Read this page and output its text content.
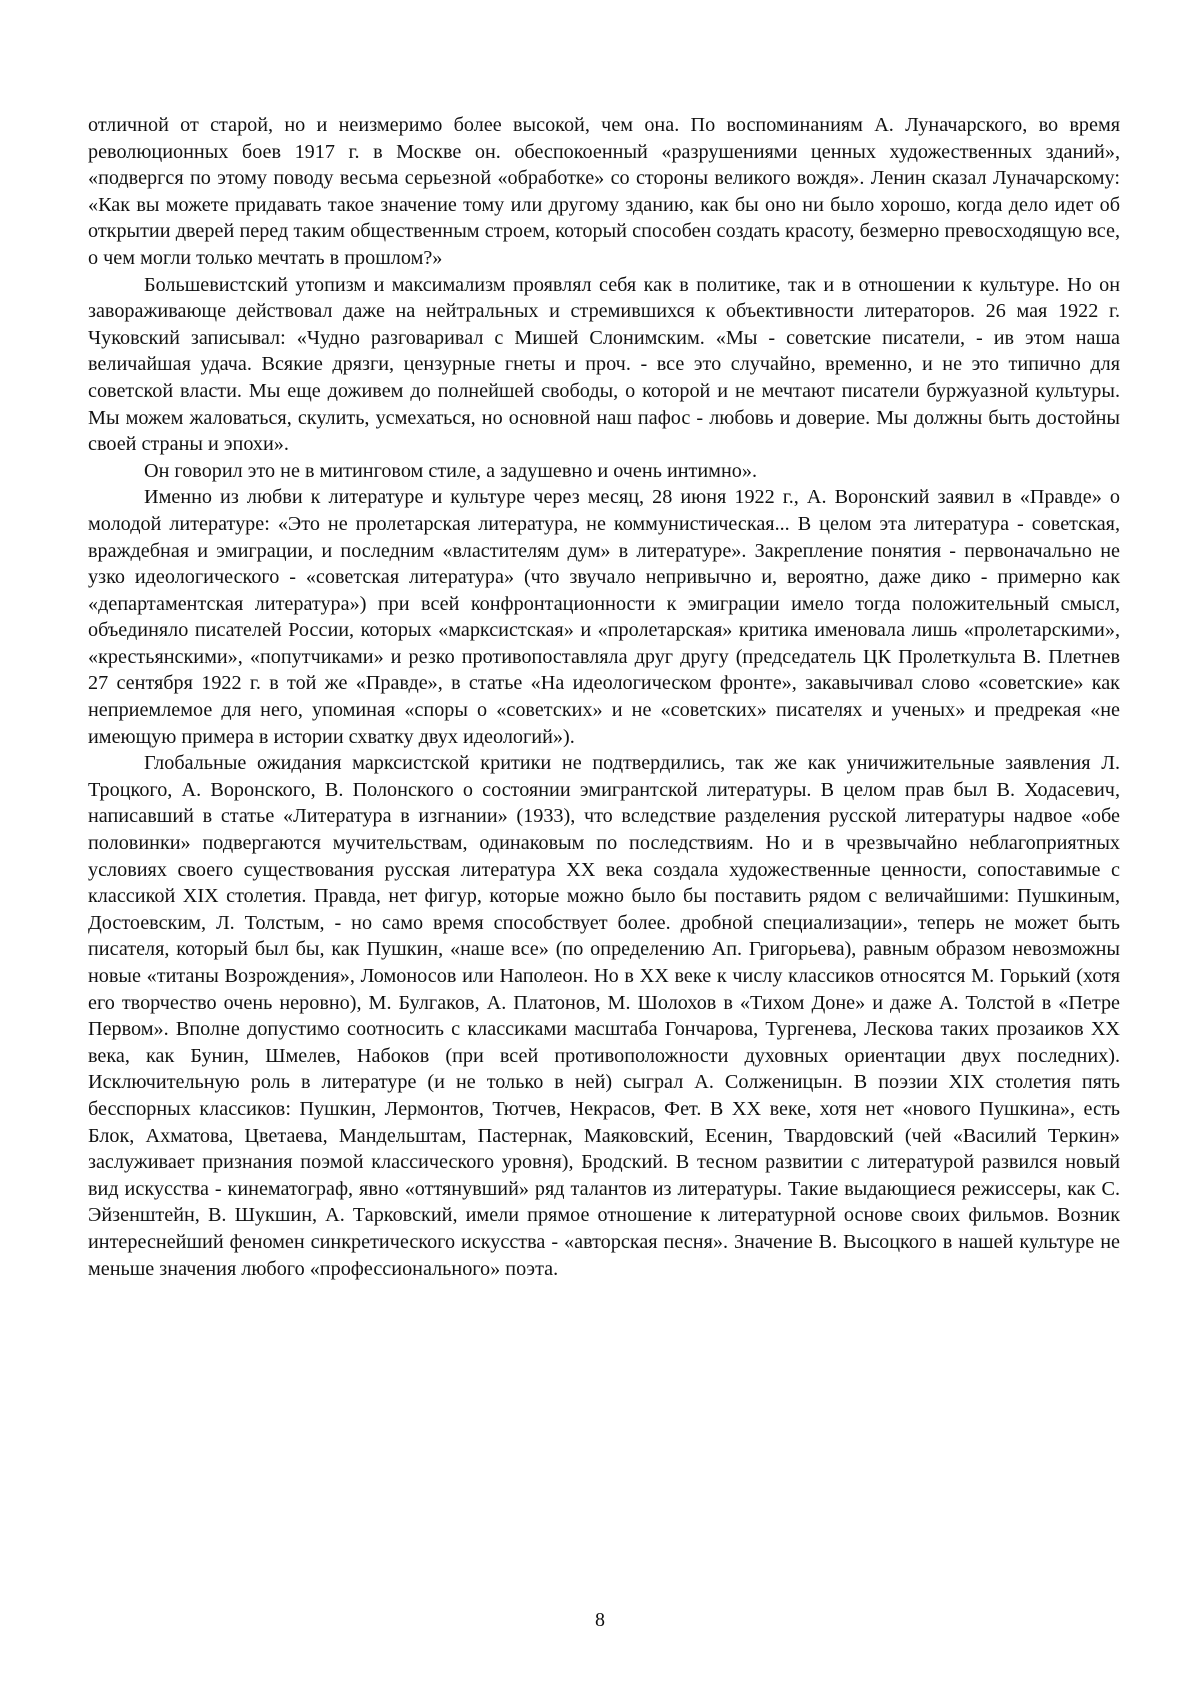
отличной от старой, но и неизмеримо более высокой, чем она. По воспоминаниям А. Луначарского, во время революционных боев 1917 г. в Москве он. обеспокоенный «разрушениями ценных художественных зданий», «подвергся по этому поводу весьма серьезной «обработке» со стороны великого вождя». Ленин сказал Луначарскому: «Как вы можете придавать такое значение тому или другому зданию, как бы оно ни было хорошо, когда дело идет об открытии дверей перед таким общественным строем, который способен создать красоту, безмерно превосходящую все, о чем могли только мечтать в прошлом?»

Большевистский утопизм и максимализм проявлял себя как в политике, так и в отношении к культуре. Но он завораживающе действовал даже на нейтральных и стремившихся к объективности литераторов. 26 мая 1922 г. Чуковский записывал: «Чудно разговаривал с Мишей Слонимским. «Мы - советские писатели, - ив этом наша величайшая удача. Всякие дрязги, цензурные гнеты и проч. - все это случайно, временно, и не это типично для советской власти. Мы еще доживем до полнейшей свободы, о которой и не мечтают писатели буржуазной культуры. Мы можем жаловаться, скулить, усмехаться, но основной наш пафос - любовь и доверие. Мы должны быть достойны своей страны и эпохи».

Он говорил это не в митинговом стиле, а задушевно и очень интимно».

Именно из любви к литературе и культуре через месяц, 28 июня 1922 г., А. Воронский заявил в «Правде» о молодой литературе: «Это не пролетарская литература, не коммунистическая... В целом эта литература - советская, враждебная и эмиграции, и последним «властителям дум» в литературе». Закрепление понятия - первоначально не узко идеологического - «советская литература» (что звучало непривычно и, вероятно, даже дико - примерно как «департаментская литература») при всей конфронтационности к эмиграции имело тогда положительный смысл, объединяло писателей России, которых «марксистская» и «пролетарская» критика именовала лишь «пролетарскими», «крестьянскими», «попутчиками» и резко противопоставляла друг другу (председатель ЦК Пролеткульта В. Плетнев 27 сентября 1922 г. в той же «Правде», в статье «На идеологическом фронте», закавычивал слово «советские» как неприемлемое для него, упоминая «споры о «советских» и не «советских» писателях и ученых» и предрекая «не имеющую примера в истории схватку двух идеологий»).

Глобальные ожидания марксистской критики не подтвердились, так же как уничижительные заявления Л. Троцкого, А. Воронского, В. Полонского о состоянии эмигрантской литературы. В целом прав был В. Ходасевич, написавший в статье «Литература в изгнании» (1933), что вследствие разделения русской литературы надвое «обе половинки» подвергаются мучительствам, одинаковым по последствиям. Но и в чрезвычайно неблагоприятных условиях своего существования русская литература XX века создала художественные ценности, сопоставимые с классикой XIX столетия. Правда, нет фигур, которые можно было бы поставить рядом с величайшими: Пушкиным, Достоевским, Л. Толстым, - но само время способствует более. дробной специализации», теперь не может быть писателя, который был бы, как Пушкин, «наше все» (по определению Ап. Григорьева), равным образом невозможны новые «титаны Возрождения», Ломоносов или Наполеон. Но в XX веке к числу классиков относятся М. Горький (хотя его творчество очень неровно), М. Булгаков, А. Платонов, М. Шолохов в «Тихом Доне» и даже А. Толстой в «Петре Первом». Вполне допустимо соотносить с классиками масштаба Гончарова, Тургенева, Лескова таких прозаиков XX века, как Бунин, Шмелев, Набоков (при всей противоположности духовных ориентации двух последних). Исключительную роль в литературе (и не только в ней) сыграл А. Солженицын. В поэзии XIX столетия пять бесспорных классиков: Пушкин, Лермонтов, Тютчев, Некрасов, Фет. В XX веке, хотя нет «нового Пушкина», есть Блок, Ахматова, Цветаева, Мандельштам, Пастернак, Маяковский, Есенин, Твардовский (чей «Василий Теркин» заслуживает признания поэмой классического уровня), Бродский. В тесном развитии с литературой развился новый вид искусства - кинематограф, явно «оттянувший» ряд талантов из литературы. Такие выдающиеся режиссеры, как С. Эйзенштейн, В. Шукшин, А. Тарковский, имели прямое отношение к литературной основе своих фильмов. Возник интереснейший феномен синкретического искусства - «авторская песня». Значение В. Высоцкого в нашей культуре не меньше значения любого «профессионального» поэта.

8
